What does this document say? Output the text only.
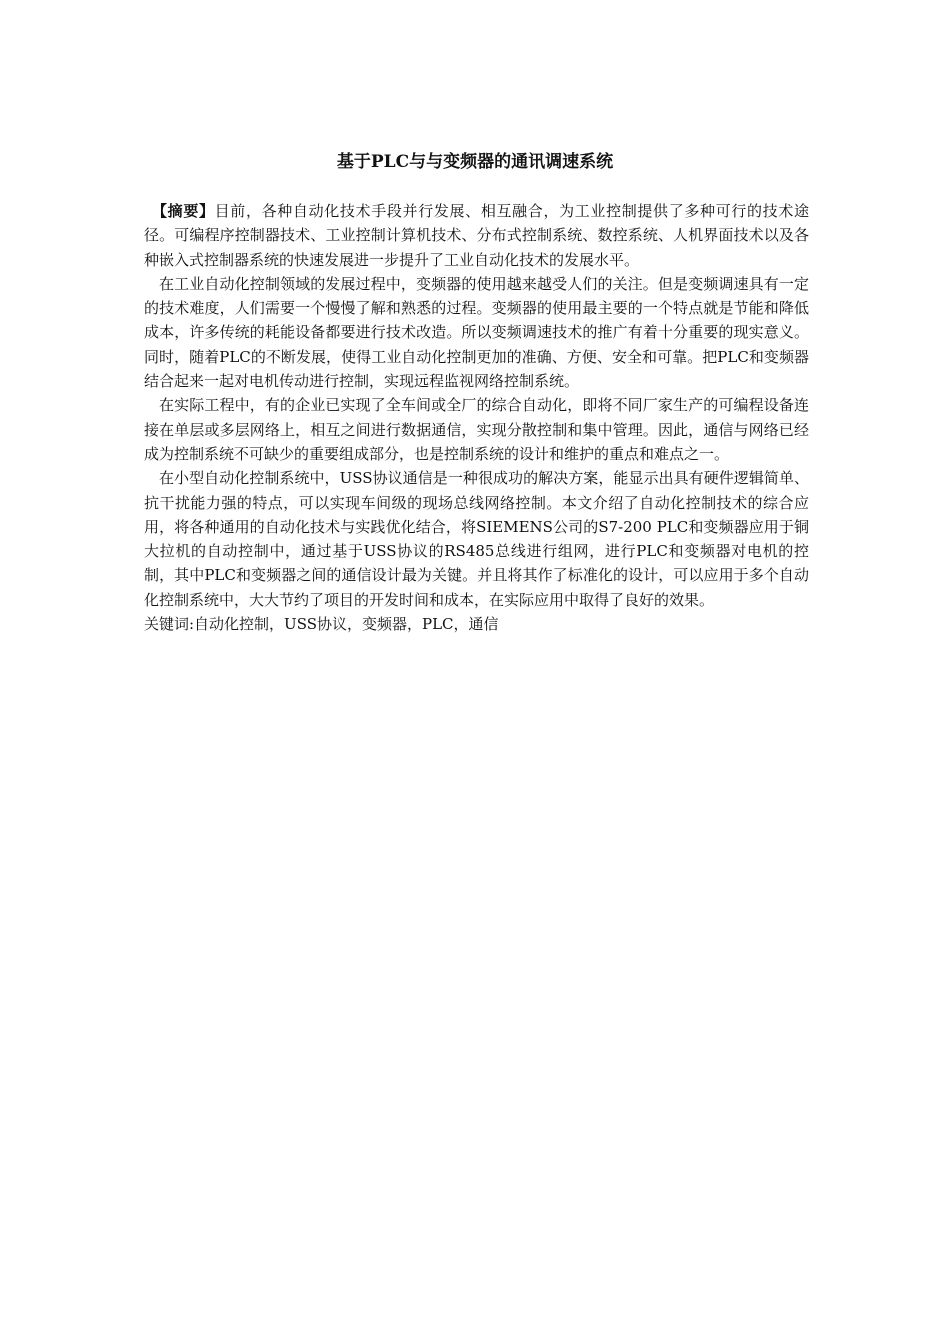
基于PLC与与变频器的通讯调速系统

【摘要】目前，各种自动化技术手段并行发展、相互融合，为工业控制提供了多种可行的技术途径。可编程序控制器技术、工业控制计算机技术、分布式控制系统、数控系统、人机界面技术以及各种嵌入式控制器系统的快速发展进一步提升了工业自动化技术的发展水平。

在工业自动化控制领域的发展过程中，变频器的使用越来越受人们的关注。但是变频调速具有一定的技术难度，人们需要一个慢慢了解和熟悉的过程。变频器的使用最主要的一个特点就是节能和降低成本，许多传统的耗能设备都要进行技术改造。所以变频调速技术的推广有着十分重要的现实意义。同时，随着PLC的不断发展，使得工业自动化控制更加的准确、方便、安全和可靠。把PLC和变频器结合起来一起对电机传动进行控制，实现远程监视网络控制系统。

在实际工程中，有的企业已实现了全车间或全厂的综合自动化，即将不同厂家生产的可编程设备连接在单层或多层网络上，相互之间进行数据通信，实现分散控制和集中管理。因此，通信与网络已经成为控制系统不可缺少的重要组成部分，也是控制系统的设计和维护的重点和难点之一。

在小型自动化控制系统中，USS协议通信是一种很成功的解决方案，能显示出具有硬件逻辑简单、抗干扰能力强的特点，可以实现车间级的现场总线网络控制。本文介绍了自动化控制技术的综合应用，将各种通用的自动化技术与实践优化结合，将SIEMENS公司的S7-200 PLC和变频器应用于铜大拉机的自动控制中，通过基于USS协议的RS485总线进行组网，进行PLC和变频器对电机的控制，其中PLC和变频器之间的通信设计最为关键。并且将其作了标准化的设计，可以应用于多个自动化控制系统中，大大节约了项目的开发时间和成本，在实际应用中取得了良好的效果。

关键词:自动化控制，USS协议，变频器，PLC，通信
